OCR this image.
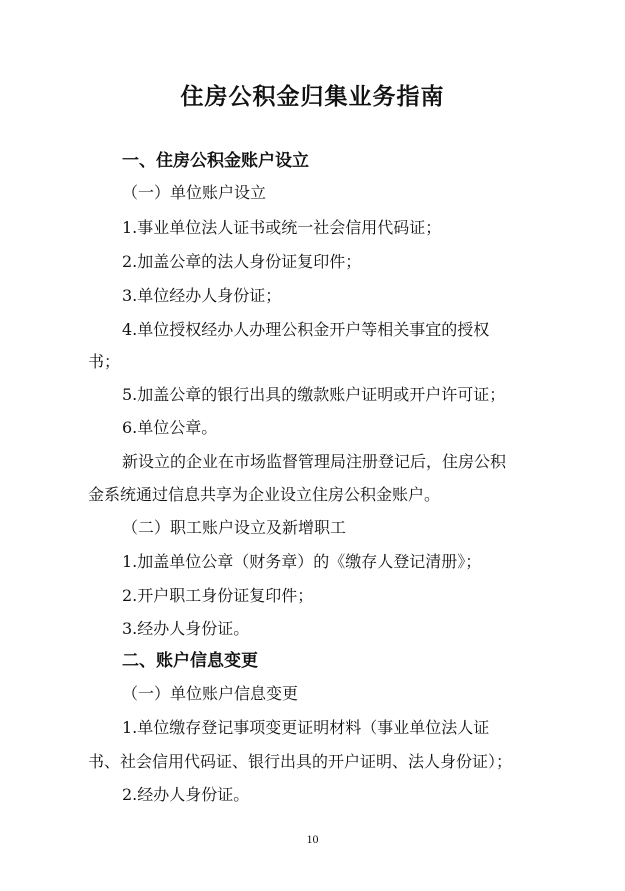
住房公积金归集业务指南
一、住房公积金账户设立
（一）单位账户设立
1.事业单位法人证书或统一社会信用代码证；
2.加盖公章的法人身份证复印件；
3.单位经办人身份证；
4.单位授权经办人办理公积金开户等相关事宜的授权
书；
5.加盖公章的银行出具的缴款账户证明或开户许可证；
6.单位公章。
新设立的企业在市场监督管理局注册登记后，住房公积
金系统通过信息共享为企业设立住房公积金账户。
（二）职工账户设立及新增职工
1.加盖单位公章（财务章）的《缴存人登记清册》；
2.开户职工身份证复印件；
3.经办人身份证。
二、账户信息变更
（一）单位账户信息变更
1.单位缴存登记事项变更证明材料（事业单位法人证
书、社会信用代码证、银行出具的开户证明、法人身份证）；
2.经办人身份证。
10
